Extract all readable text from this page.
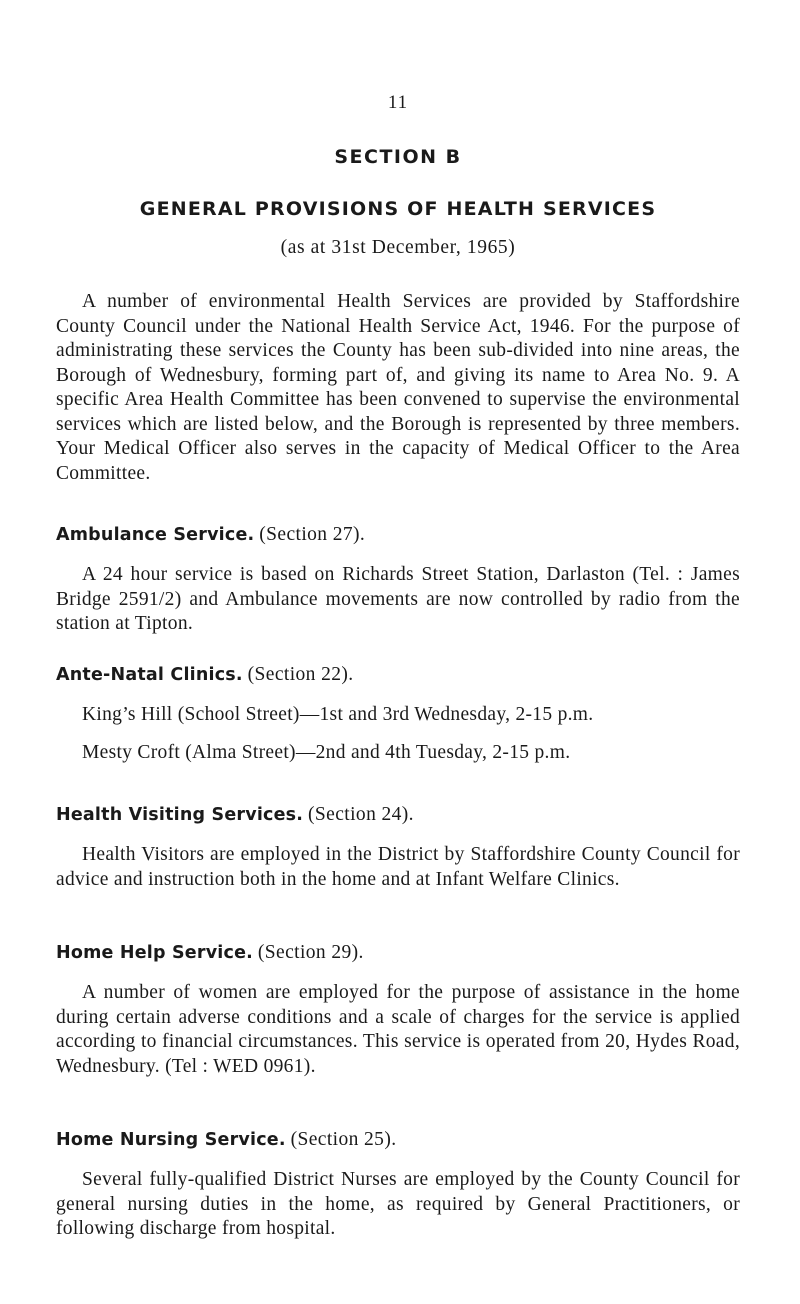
11
SECTION B
GENERAL PROVISIONS OF HEALTH SERVICES
(as at 31st December, 1965)

A number of environmental Health Services are provided by Staffordshire County Council under the National Health Service Act, 1946. For the purpose of administrating these services the County has been sub-divided into nine areas, the Borough of Wednesbury, forming part of, and giving its name to Area No. 9. A specific Area Health Committee has been convened to supervise the environmental services which are listed below, and the Borough is represented by three members. Your Medical Officer also serves in the capacity of Medical Officer to the Area Committee.

Ambulance Service. (Section 27).

A 24 hour service is based on Richards Street Station, Darlaston (Tel. : James Bridge 2591/2) and Ambulance movements are now controlled by radio from the station at Tipton.

Ante-Natal Clinics. (Section 22).
King’s Hill (School Street)—1st and 3rd Wednesday, 2-15 p.m.
Mesty Croft (Alma Street)—2nd and 4th Tuesday, 2-15 p.m.
Health Visiting Services. (Section 24).

Health Visitors are employed in the District by Staffordshire County Council for advice and instruction both in the home and at Infant Welfare Clinics.

Home Help Service. (Section 29).

A number of women are employed for the purpose of assistance in the home during certain adverse conditions and a scale of charges for the service is applied according to financial circumstances. This service is operated from 20, Hydes Road, Wednesbury. (Tel : WED 0961).

Home Nursing Service. (Section 25).

Several fully-qualified District Nurses are employed by the County Council for general nursing duties in the home, as required by General Practitioners, or following discharge from hospital.
